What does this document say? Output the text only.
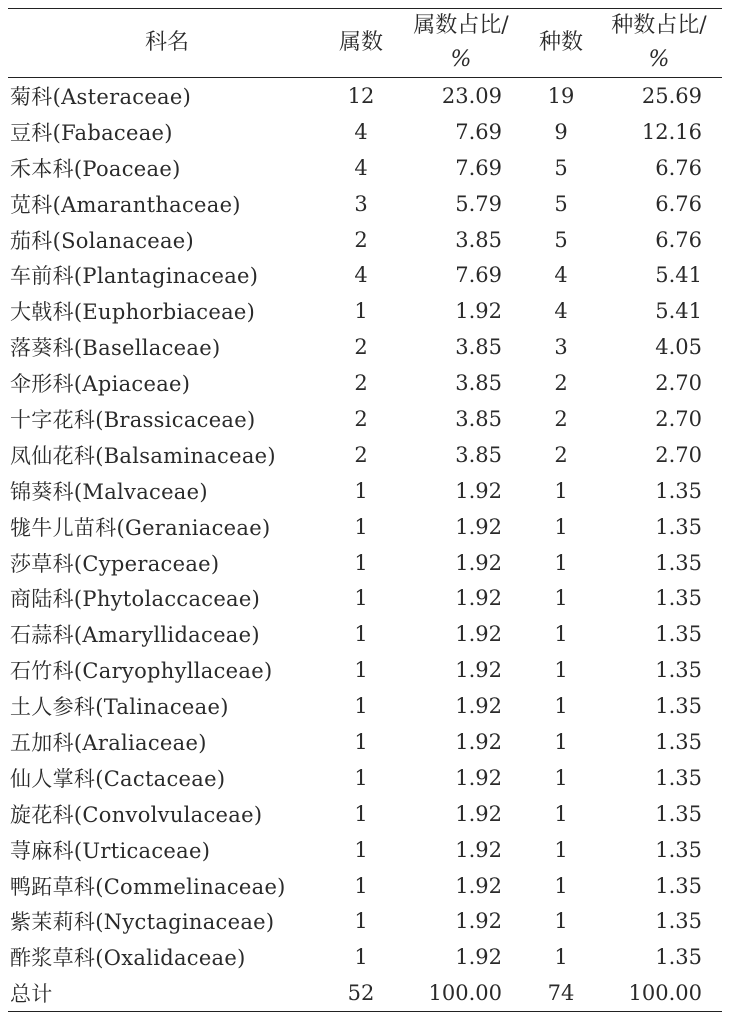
科名	属数	属数占比/	种数	种数占比/
		%		%
菊科(Asteraceae)	12	23.09	19	25.69
豆科(Fabaceae)	4	7.69	9	12.16
禾本科(Poaceae)	4	7.69	5	6.76
苋科(Amaranthaceae)	3	5.79	5	6.76
茄科(Solanaceae)	2	3.85	5	6.76
车前科(Plantaginaceae)	4	7.69	4	5.41
大戟科(Euphorbiaceae)	1	1.92	4	5.41
落葵科(Basellaceae)	2	3.85	3	4.05
伞形科(Apiaceae)	2	3.85	2	2.70
十字花科(Brassicaceae)	2	3.85	2	2.70
凤仙花科(Balsaminaceae)	2	3.85	2	2.70
锦葵科(Malvaceae)	1	1.92	1	1.35
牻牛儿苗科(Geraniaceae)	1	1.92	1	1.35
莎草科(Cyperaceae)	1	1.92	1	1.35
商陆科(Phytolaccaceae)	1	1.92	1	1.35
石蒜科(Amaryllidaceae)	1	1.92	1	1.35
石竹科(Caryophyllaceae)	1	1.92	1	1.35
土人参科(Talinaceae)	1	1.92	1	1.35
五加科(Araliaceae)	1	1.92	1	1.35
仙人掌科(Cactaceae)	1	1.92	1	1.35
旋花科(Convolvulaceae)	1	1.92	1	1.35
荨麻科(Urticaceae)	1	1.92	1	1.35
鸭跖草科(Commelinaceae)	1	1.92	1	1.35
紫茉莉科(Nyctaginaceae)	1	1.92	1	1.35
酢浆草科(Oxalidaceae)	1	1.92	1	1.35
总计	52	100.00	74	100.00
